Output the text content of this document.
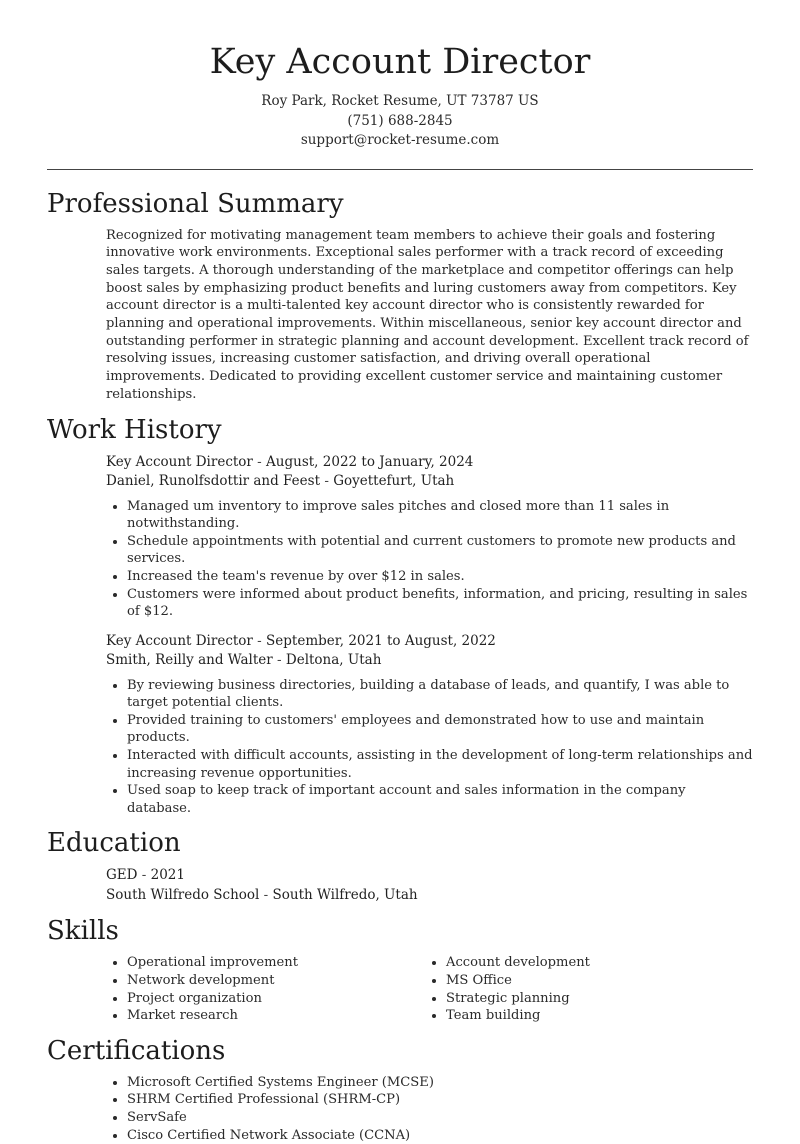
Key Account Director
Roy Park, Rocket Resume, UT 73787 US
(751) 688-2845
support@rocket-resume.com
Professional Summary
Recognized for motivating management team members to achieve their goals and fostering innovative work environments. Exceptional sales performer with a track record of exceeding sales targets. A thorough understanding of the marketplace and competitor offerings can help boost sales by emphasizing product benefits and luring customers away from competitors. Key account director is a multi-talented key account director who is consistently rewarded for planning and operational improvements. Within miscellaneous, senior key account director and outstanding performer in strategic planning and account development. Excellent track record of resolving issues, increasing customer satisfaction, and driving overall operational improvements. Dedicated to providing excellent customer service and maintaining customer relationships.
Work History
Key Account Director - August, 2022 to January, 2024
Daniel, Runolfsdottir and Feest - Goyettefurt, Utah
• Managed um inventory to improve sales pitches and closed more than 11 sales in notwithstanding.
• Schedule appointments with potential and current customers to promote new products and services.
• Increased the team's revenue by over $12 in sales.
• Customers were informed about product benefits, information, and pricing, resulting in sales of $12.
Key Account Director - September, 2021 to August, 2022
Smith, Reilly and Walter - Deltona, Utah
• By reviewing business directories, building a database of leads, and quantify, I was able to target potential clients.
• Provided training to customers' employees and demonstrated how to use and maintain products.
• Interacted with difficult accounts, assisting in the development of long-term relationships and increasing revenue opportunities.
• Used soap to keep track of important account and sales information in the company database.
Education
GED - 2021
South Wilfredo School - South Wilfredo, Utah
Skills
• Operational improvement
• Network development
• Project organization
• Market research
• Account development
• MS Office
• Strategic planning
• Team building
Certifications
• Microsoft Certified Systems Engineer (MCSE)
• SHRM Certified Professional (SHRM-CP)
• ServSafe
• Cisco Certified Network Associate (CCNA)
